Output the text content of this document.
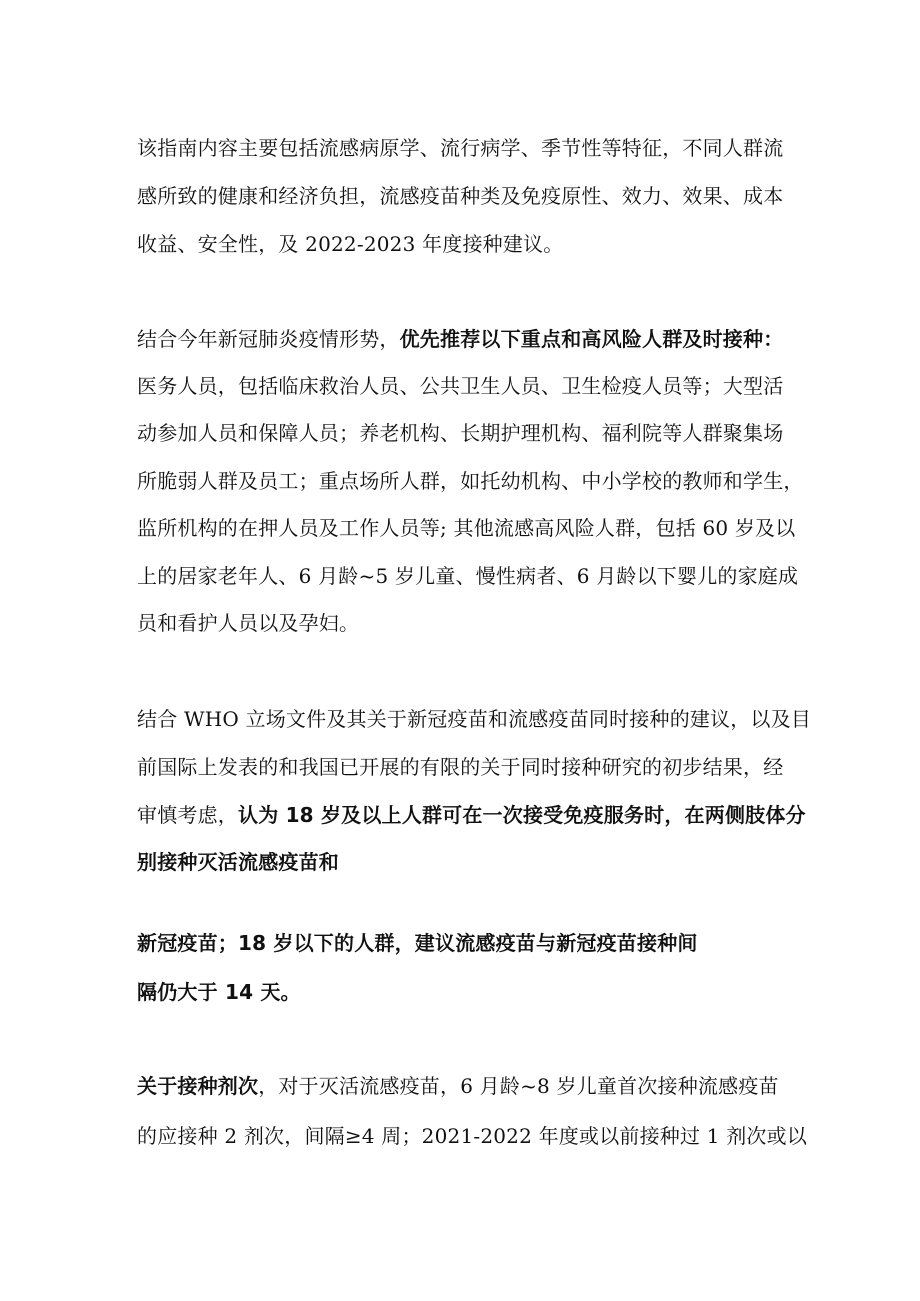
该指南内容主要包括流感病原学、流行病学、季节性等特征，不同人群流

感所致的健康和经济负担，流感疫苗种类及免疫原性、效力、效果、成本

收益、安全性，及 2022-2023 年度接种建议。

结合今年新冠肺炎疫情形势，优先推荐以下重点和高风险人群及时接种：

医务人员，包括临床救治人员、公共卫生人员、卫生检疫人员等；大型活

动参加人员和保障人员；养老机构、长期护理机构、福利院等人群聚集场

所脆弱人群及员工；重点场所人群，如托幼机构、中小学校的教师和学生，

监所机构的在押人员及工作人员等; 其他流感高风险人群，包括 60 岁及以

上的居家老年人、6 月龄~5 岁儿童、慢性病者、6 月龄以下婴儿的家庭成

员和看护人员以及孕妇。

结合 WHO 立场文件及其关于新冠疫苗和流感疫苗同时接种的建议，以及目

前国际上发表的和我国已开展的有限的关于同时接种研究的初步结果，经

审慎考虑，认为 18 岁及以上人群可在一次接受免疫服务时，在两侧肢体分

别接种灭活流感疫苗和

新冠疫苗；18 岁以下的人群，建议流感疫苗与新冠疫苗接种间

隔仍大于 14 天。

关于接种剂次，对于灭活流感疫苗，6 月龄~8 岁儿童首次接种流感疫苗

的应接种 2 剂次，间隔≥4 周；2021-2022 年度或以前接种过 1 剂次或以
